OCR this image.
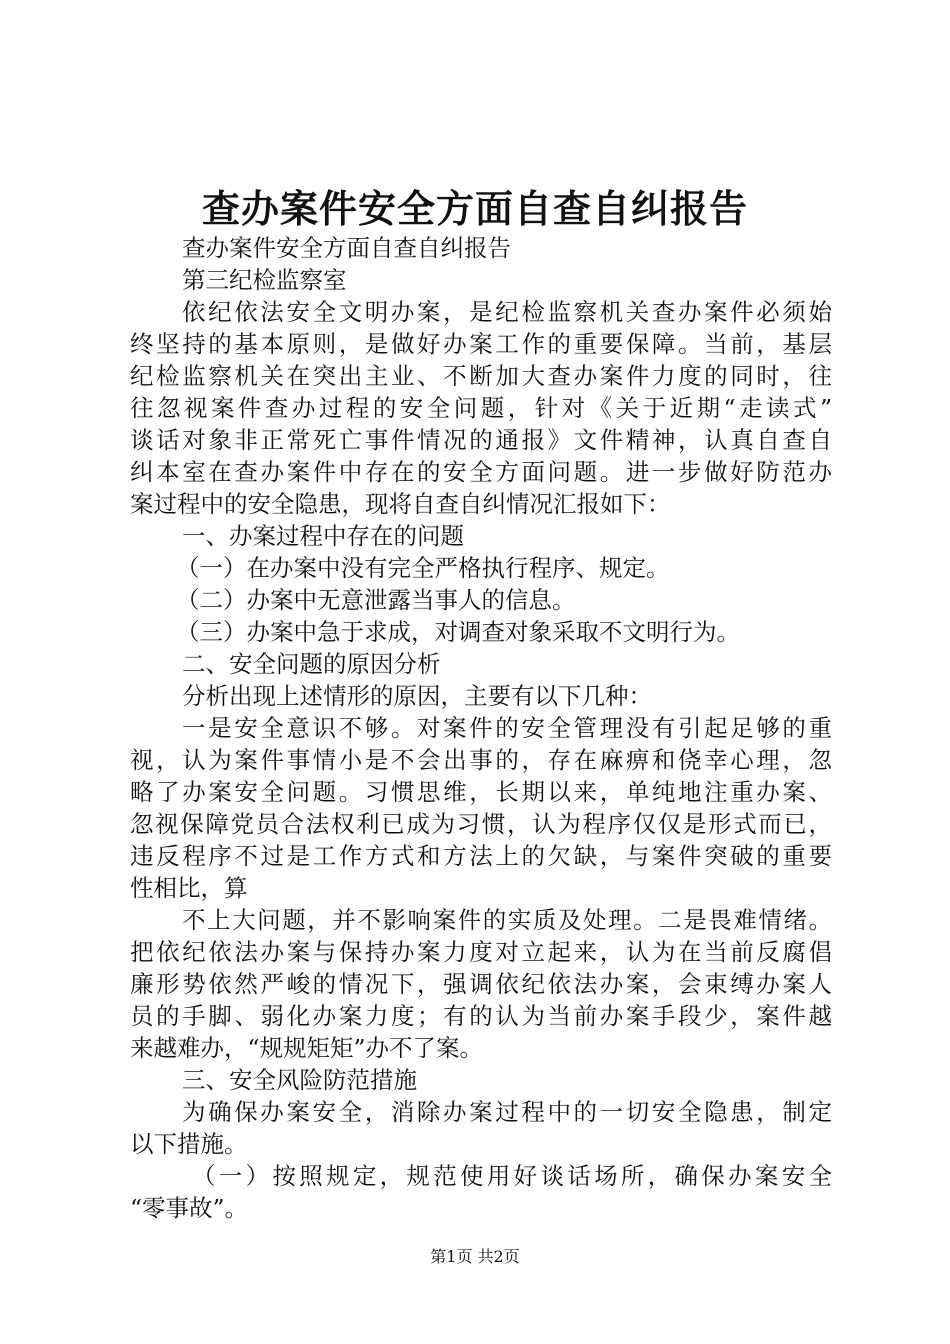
查办案件安全方面自查自纠报告
查办案件安全方面自查自纠报告
第三纪检监察室
依纪依法安全文明办案，是纪检监察机关查办案件必须始
终坚持的基本原则，是做好办案工作的重要保障。当前，基层
纪检监察机关在突出主业、不断加大查办案件力度的同时，往
往忽视案件查办过程的安全问题，针对《关于近期“走读式”
谈话对象非正常死亡事件情况的通报》文件精神，认真自查自
纠本室在查办案件中存在的安全方面问题。进一步做好防范办
案过程中的安全隐患，现将自查自纠情况汇报如下：
一、办案过程中存在的问题
（一）在办案中没有完全严格执行程序、规定。
（二）办案中无意泄露当事人的信息。
（三）办案中急于求成，对调查对象采取不文明行为。
二、安全问题的原因分析
分析出现上述情形的原因，主要有以下几种：
一是安全意识不够。对案件的安全管理没有引起足够的重
视，认为案件事情小是不会出事的，存在麻痹和侥幸心理，忽
略了办案安全问题。习惯思维，长期以来，单纯地注重办案、
忽视保障党员合法权利已成为习惯，认为程序仅仅是形式而已，
违反程序不过是工作方式和方法上的欠缺，与案件突破的重要
性相比，算
不上大问题，并不影响案件的实质及处理。二是畏难情绪。
把依纪依法办案与保持办案力度对立起来，认为在当前反腐倡
廉形势依然严峻的情况下，强调依纪依法办案，会束缚办案人
员的手脚、弱化办案力度；有的认为当前办案手段少，案件越
来越难办，“规规矩矩”办不了案。
三、安全风险防范措施
为确保办案安全，消除办案过程中的一切安全隐患，制定
以下措施。
（一）按照规定，规范使用好谈话场所，确保办案安全
“零事故”。
第1页 共2页
